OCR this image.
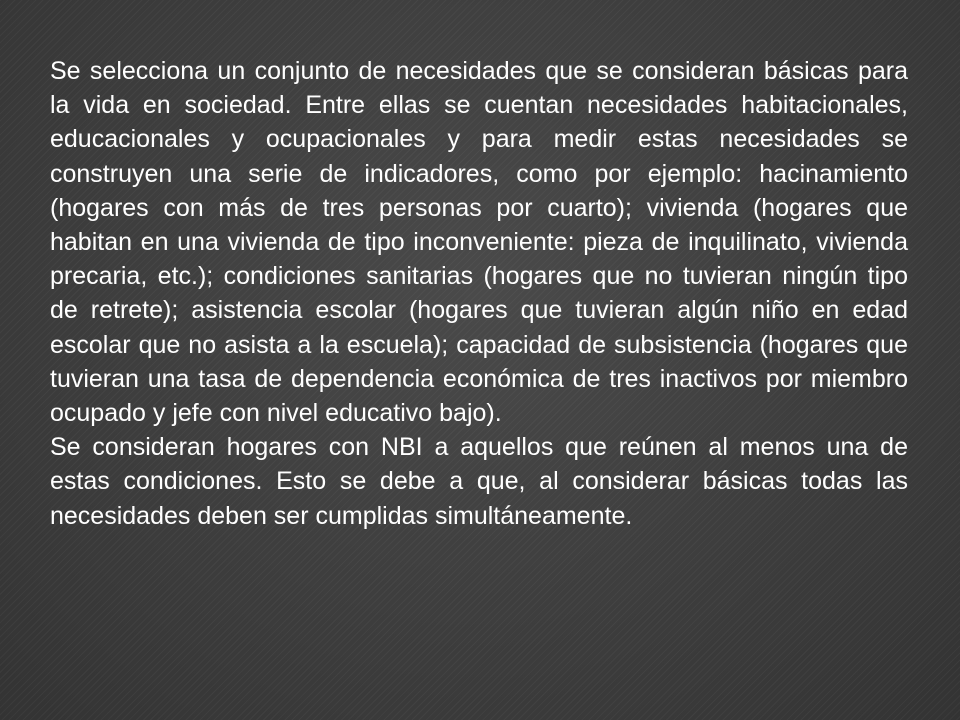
Se selecciona un conjunto de necesidades que se consideran básicas para la vida en sociedad. Entre ellas se cuentan necesidades habitacionales, educacionales y ocupacionales y para medir estas necesidades se construyen una serie de indicadores, como por ejemplo: hacinamiento (hogares con más de tres personas por cuarto); vivienda (hogares que habitan en una vivienda de tipo inconveniente: pieza de inquilinato, vivienda precaria, etc.); condiciones sanitarias (hogares que no tuvieran ningún tipo de retrete); asistencia escolar (hogares que tuvieran algún niño en edad escolar que no asista a la escuela); capacidad de subsistencia (hogares que tuvieran una tasa de dependencia económica de tres inactivos por miembro ocupado y jefe con nivel educativo bajo).

Se consideran hogares con NBI a aquellos que reúnen al menos una de estas condiciones. Esto se debe a que, al considerar básicas todas las necesidades deben ser cumplidas simultáneamente.
